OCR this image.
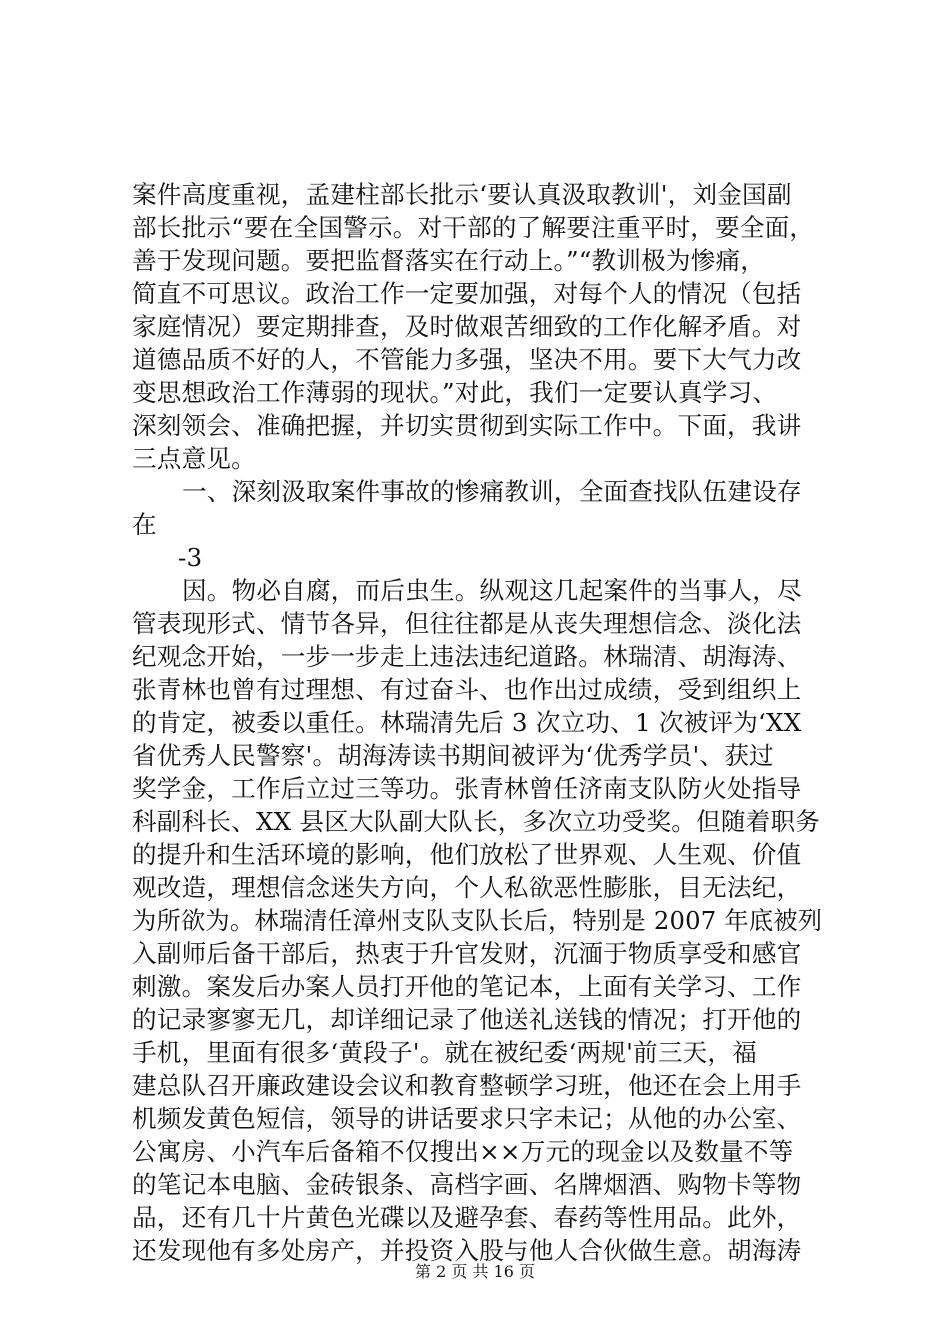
案件高度重视，孟建柱部长批示‘要认真汲取教训'，刘金国副
部长批示“要在全国警示。对干部的了解要注重平时，要全面，
善于发现问题。要把监督落实在行动上。”“教训极为惨痛，
简直不可思议。政治工作一定要加强，对每个人的情况（包括
家庭情况）要定期排查，及时做艰苦细致的工作化解矛盾。对
道德品质不好的人，不管能力多强，坚决不用。要下大气力改
变思想政治工作薄弱的现状。”对此，我们一定要认真学习、
深刻领会、准确把握，并切实贯彻到实际工作中。下面，我讲
三点意见。
一、深刻汲取案件事故的惨痛教训，全面查找队伍建设存
在
-3
因。物必自腐，而后虫生。纵观这几起案件的当事人，尽
管表现形式、情节各异，但往往都是从丧失理想信念、淡化法
纪观念开始，一步一步走上违法违纪道路。林瑞清、胡海涛、
张青林也曾有过理想、有过奋斗、也作出过成绩，受到组织上
的肯定，被委以重任。林瑞清先后 3 次立功、1 次被评为‘XX
省优秀人民警察'。胡海涛读书期间被评为‘优秀学员'、获过
奖学金，工作后立过三等功。张青林曾任济南支队防火处指导
科副科长、XX 县区大队副大队长，多次立功受奖。但随着职务
的提升和生活环境的影响，他们放松了世界观、人生观、价值
观改造，理想信念迷失方向，个人私欲恶性膨胀，目无法纪，
为所欲为。林瑞清任漳州支队支队长后，特别是 2007 年底被列
入副师后备干部后，热衷于升官发财，沉湎于物质享受和感官
刺激。案发后办案人员打开他的笔记本，上面有关学习、工作
的记录寥寥无几，却详细记录了他送礼送钱的情况；打开他的
手机，里面有很多‘黄段子'。就在被纪委‘两规'前三天，福
建总队召开廉政建设会议和教育整顿学习班，他还在会上用手
机频发黄色短信，领导的讲话要求只字未记；从他的办公室、
公寓房、小汽车后备箱不仅搜出××万元的现金以及数量不等
的笔记本电脑、金砖银条、高档字画、名牌烟酒、购物卡等物
品，还有几十片黄色光碟以及避孕套、春药等性用品。此外，
还发现他有多处房产，并投资入股与他人合伙做生意。胡海涛
第 2 页 共 16 页
